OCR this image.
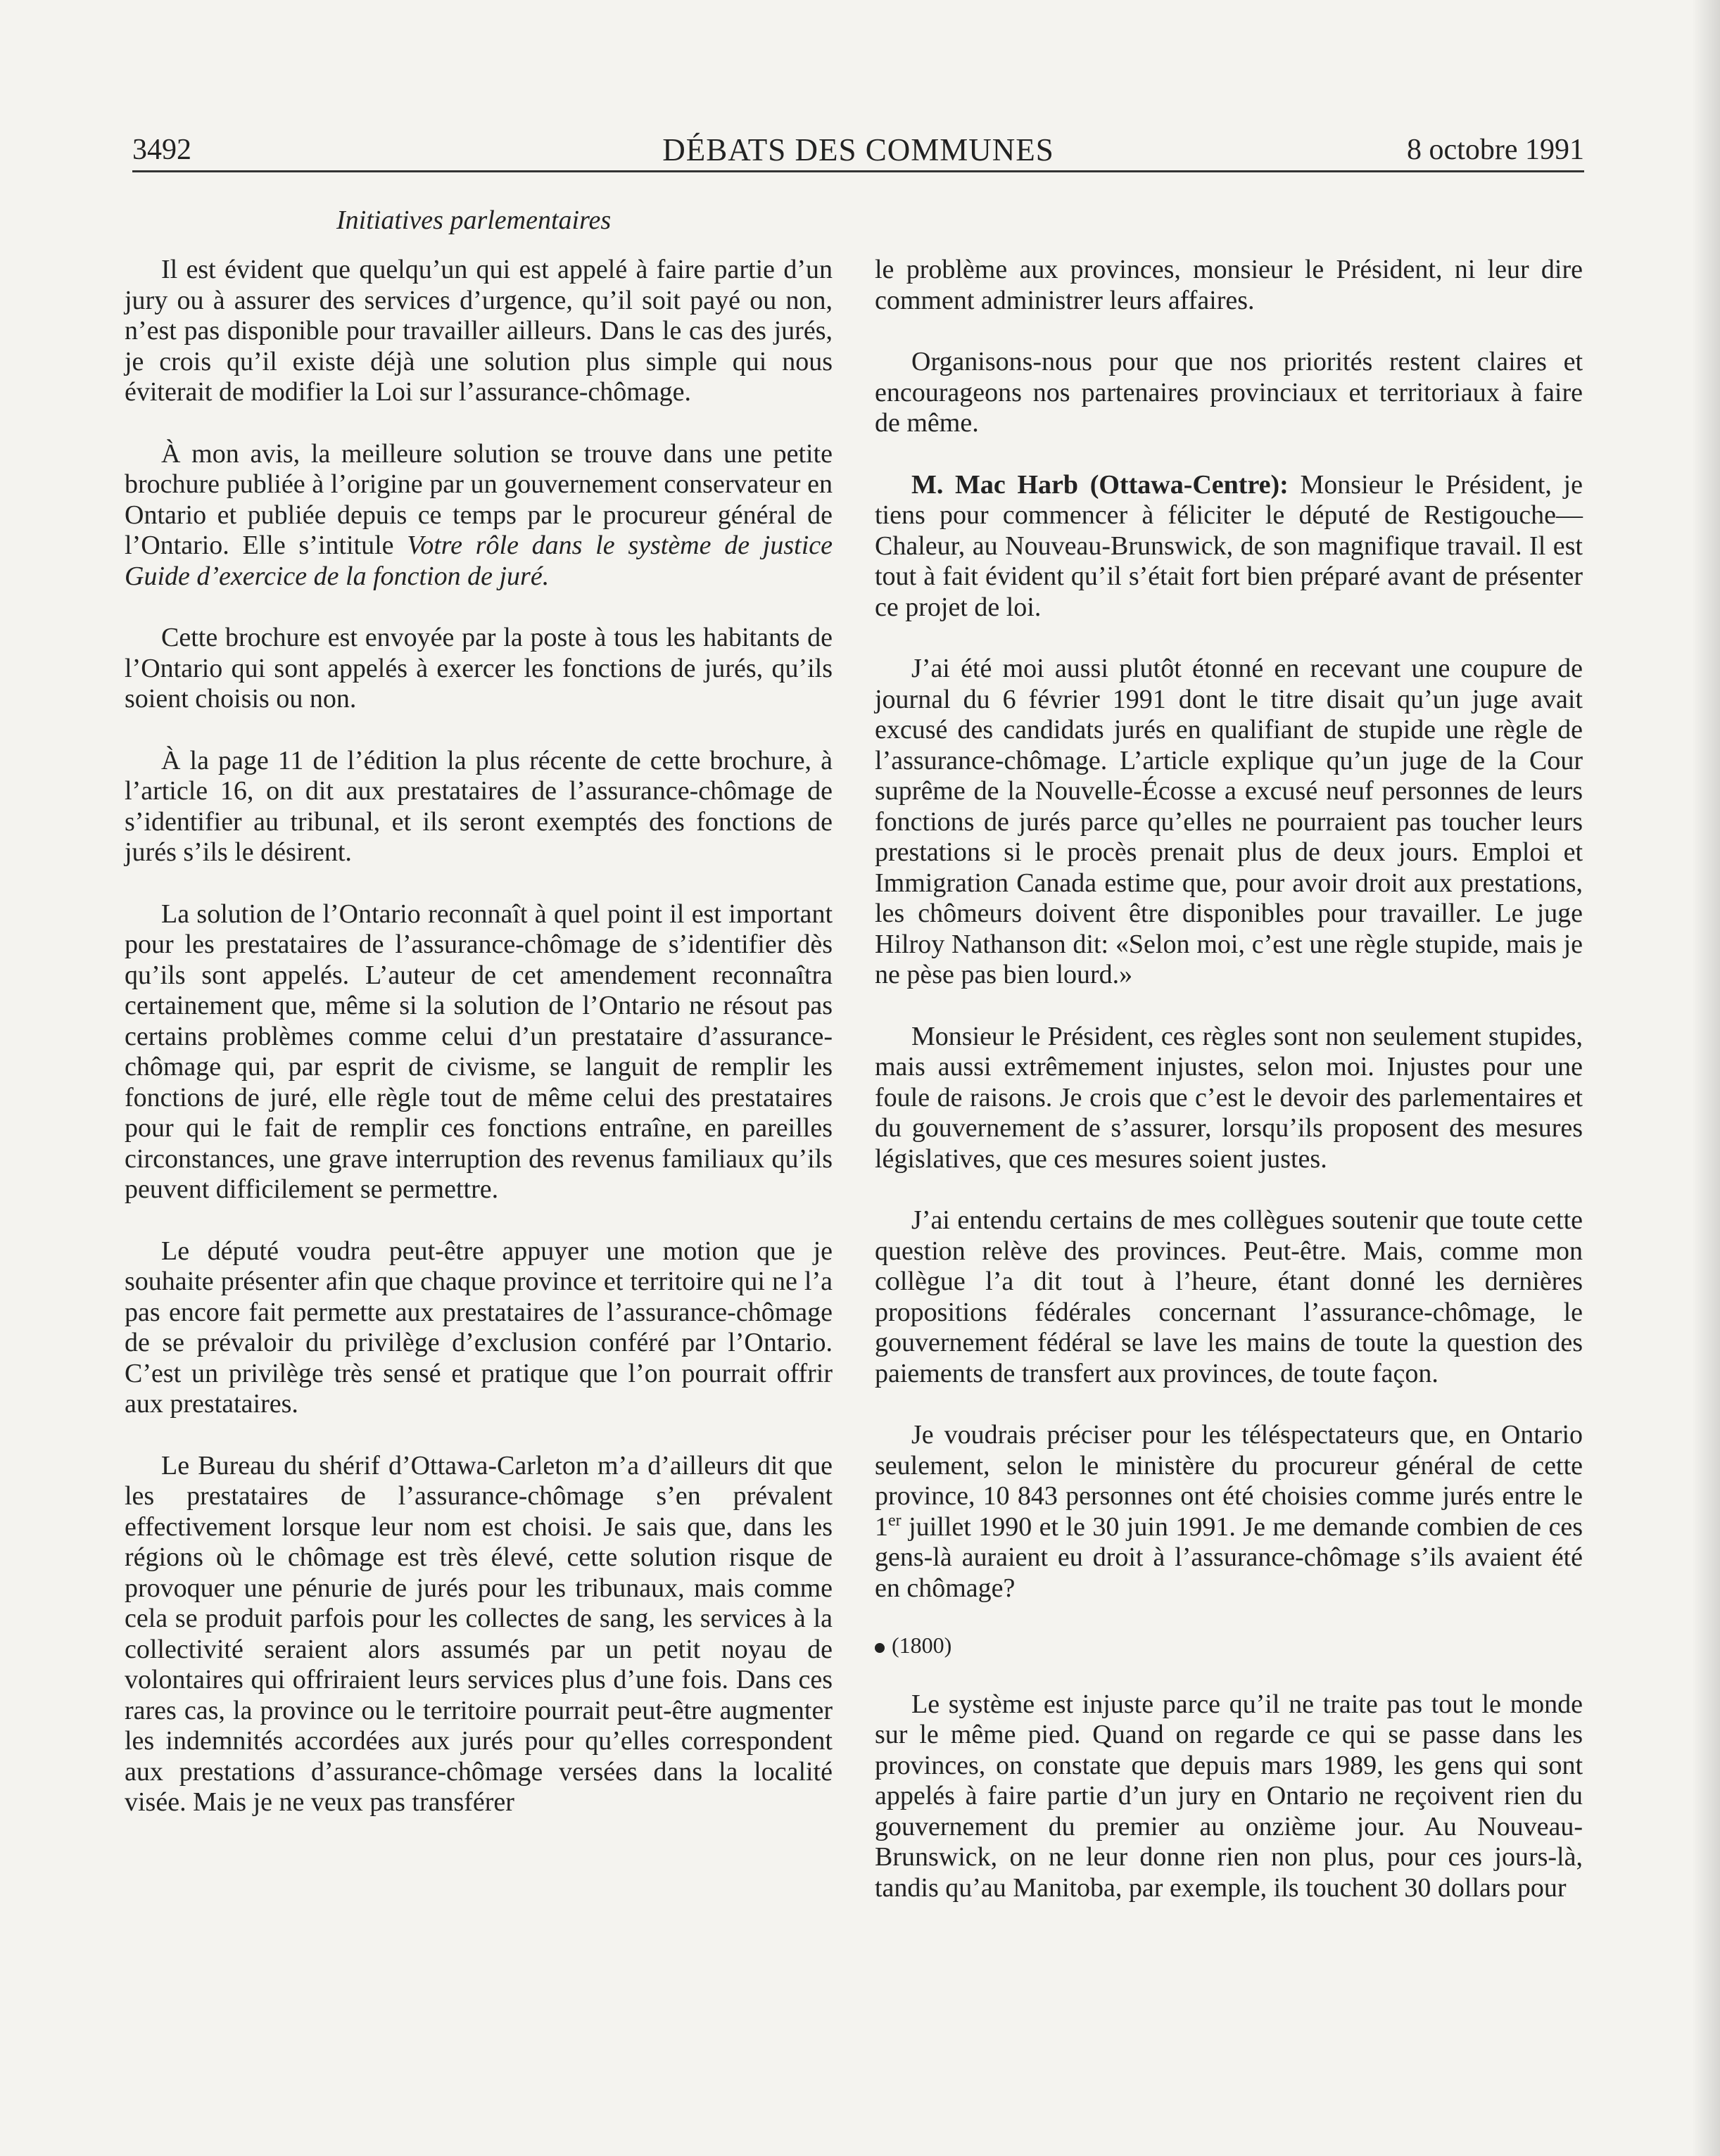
3492	DÉBATS DES COMMUNES	8 octobre 1991
Initiatives parlementaires

Il est évident que quelqu’un qui est appelé à faire partie d’un jury ou à assurer des services d’urgence, qu’il soit payé ou non, n’est pas disponible pour travailler ailleurs. Dans le cas des jurés, je crois qu’il existe déjà une solution plus simple qui nous éviterait de modifier la Loi sur l’assurance-chômage.

À mon avis, la meilleure solution se trouve dans une petite brochure publiée à l’origine par un gouvernement conservateur en Ontario et publiée depuis ce temps par le procureur général de l’Ontario. Elle s’intitule Votre rôle dans le système de justice Guide d’exercice de la fonction de juré.

Cette brochure est envoyée par la poste à tous les habitants de l’Ontario qui sont appelés à exercer les fonctions de jurés, qu’ils soient choisis ou non.

À la page 11 de l’édition la plus récente de cette brochure, à l’article 16, on dit aux prestataires de l’assurance-chômage de s’identifier au tribunal, et ils seront exemptés des fonctions de jurés s’ils le désirent.

La solution de l’Ontario reconnaît à quel point il est important pour les prestataires de l’assurance-chômage de s’identifier dès qu’ils sont appelés. L’auteur de cet amendement reconnaîtra certainement que, même si la solution de l’Ontario ne résout pas certains problèmes comme celui d’un prestataire d’assurance-chômage qui, par esprit de civisme, se languit de remplir les fonctions de juré, elle règle tout de même celui des prestataires pour qui le fait de remplir ces fonctions entraîne, en pareilles circonstances, une grave interruption des revenus familiaux qu’ils peuvent difficilement se permettre.

Le député voudra peut-être appuyer une motion que je souhaite présenter afin que chaque province et territoire qui ne l’a pas encore fait permette aux prestataires de l’assurance-chômage de se prévaloir du privilège d’exclusion conféré par l’Ontario. C’est un privilège très sensé et pratique que l’on pourrait offrir aux prestataires.

Le Bureau du shérif d’Ottawa-Carleton m’a d’ailleurs dit que les prestataires de l’assurance-chômage s’en prévalent effectivement lorsque leur nom est choisi. Je sais que, dans les régions où le chômage est très élevé, cette solution risque de provoquer une pénurie de jurés pour les tribunaux, mais comme cela se produit parfois pour les collectes de sang, les services à la collectivité seraient alors assumés par un petit noyau de volontaires qui offriraient leurs services plus d’une fois. Dans ces rares cas, la province ou le territoire pourrait peut-être augmenter les indemnités accordées aux jurés pour qu’elles correspondent aux prestations d’assurance-chômage versées dans la localité visée. Mais je ne veux pas transférer

le problème aux provinces, monsieur le Président, ni leur dire comment administrer leurs affaires.

Organisons-nous pour que nos priorités restent claires et encourageons nos partenaires provinciaux et territoriaux à faire de même.

M. Mac Harb (Ottawa-Centre): Monsieur le Président, je tiens pour commencer à féliciter le député de Restigouche—Chaleur, au Nouveau-Brunswick, de son magnifique travail. Il est tout à fait évident qu’il s’était fort bien préparé avant de présenter ce projet de loi.

J’ai été moi aussi plutôt étonné en recevant une coupure de journal du 6 février 1991 dont le titre disait qu’un juge avait excusé des candidats jurés en qualifiant de stupide une règle de l’assurance-chômage. L’article explique qu’un juge de la Cour suprême de la Nouvelle-Écosse a excusé neuf personnes de leurs fonctions de jurés parce qu’elles ne pourraient pas toucher leurs prestations si le procès prenait plus de deux jours. Emploi et Immigration Canada estime que, pour avoir droit aux prestations, les chômeurs doivent être disponibles pour travailler. Le juge Hilroy Nathanson dit: «Selon moi, c’est une règle stupide, mais je ne pèse pas bien lourd.»

Monsieur le Président, ces règles sont non seulement stupides, mais aussi extrêmement injustes, selon moi. Injustes pour une foule de raisons. Je crois que c’est le devoir des parlementaires et du gouvernement de s’assurer, lorsqu’ils proposent des mesures législatives, que ces mesures soient justes.

J’ai entendu certains de mes collègues soutenir que toute cette question relève des provinces. Peut-être. Mais, comme mon collègue l’a dit tout à l’heure, étant donné les dernières propositions fédérales concernant l’assurance-chômage, le gouvernement fédéral se lave les mains de toute la question des paiements de transfert aux provinces, de toute façon.

Je voudrais préciser pour les téléspectateurs que, en Ontario seulement, selon le ministère du procureur général de cette province, 10 843 personnes ont été choisies comme jurés entre le 1er juillet 1990 et le 30 juin 1991. Je me demande combien de ces gens-là auraient eu droit à l’assurance-chômage s’ils avaient été en chômage?

(1800)

Le système est injuste parce qu’il ne traite pas tout le monde sur le même pied. Quand on regarde ce qui se passe dans les provinces, on constate que depuis mars 1989, les gens qui sont appelés à faire partie d’un jury en Ontario ne reçoivent rien du gouvernement du premier au onzième jour. Au Nouveau-Brunswick, on ne leur donne rien non plus, pour ces jours-là, tandis qu’au Manitoba, par exemple, ils touchent 30 dollars pour
